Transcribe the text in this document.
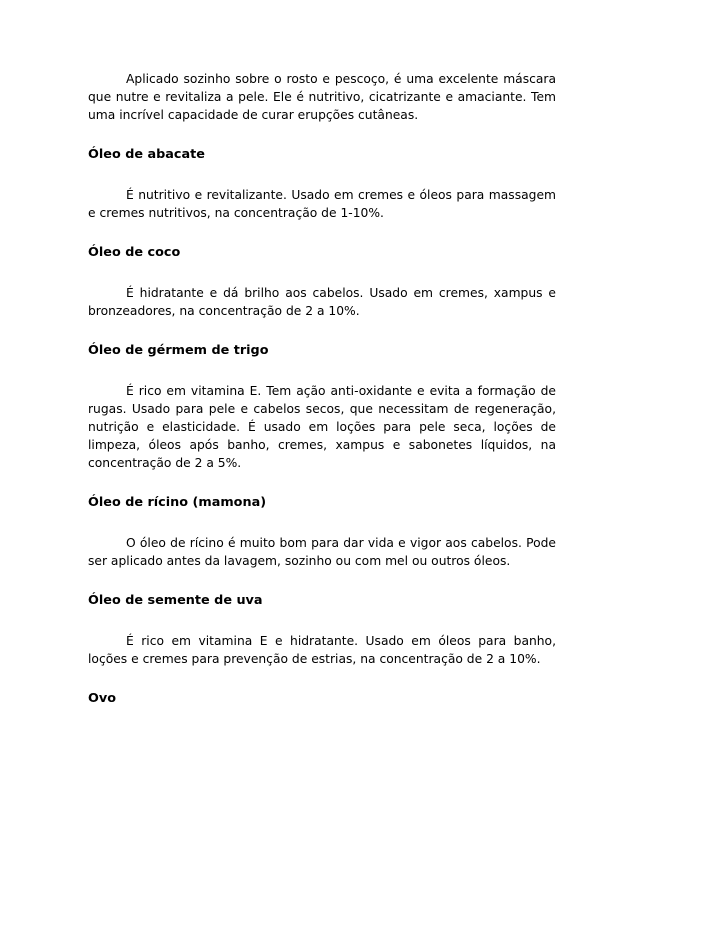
Aplicado sozinho sobre o rosto e pescoço, é uma excelente máscara que nutre e revitaliza a pele. Ele é nutritivo, cicatrizante e amaciante. Tem uma incrível capacidade de curar erupções cutâneas.

Óleo de abacate

É nutritivo e revitalizante. Usado em cremes e óleos para massagem e cremes nutritivos, na concentração de 1-10%.

Óleo de coco

É hidratante e dá brilho aos cabelos. Usado em cremes, xampus e bronzeadores, na concentração de 2 a 10%.

Óleo de gérmem de trigo

É rico em vitamina E. Tem ação anti-oxidante e evita a formação de rugas. Usado para pele e cabelos secos, que necessitam de regeneração, nutrição e elasticidade. É usado em loções para pele seca, loções de limpeza, óleos após banho, cremes, xampus e sabonetes líquidos, na concentração de 2 a 5%.

Óleo de rícino (mamona)

O óleo de rícino é muito bom para dar vida e vigor aos cabelos. Pode ser aplicado antes da lavagem, sozinho ou com mel ou outros óleos.

Óleo de semente de uva

É rico em vitamina E e hidratante. Usado em óleos para banho, loções e cremes para prevenção de estrias, na concentração de 2 a 10%.

Ovo
